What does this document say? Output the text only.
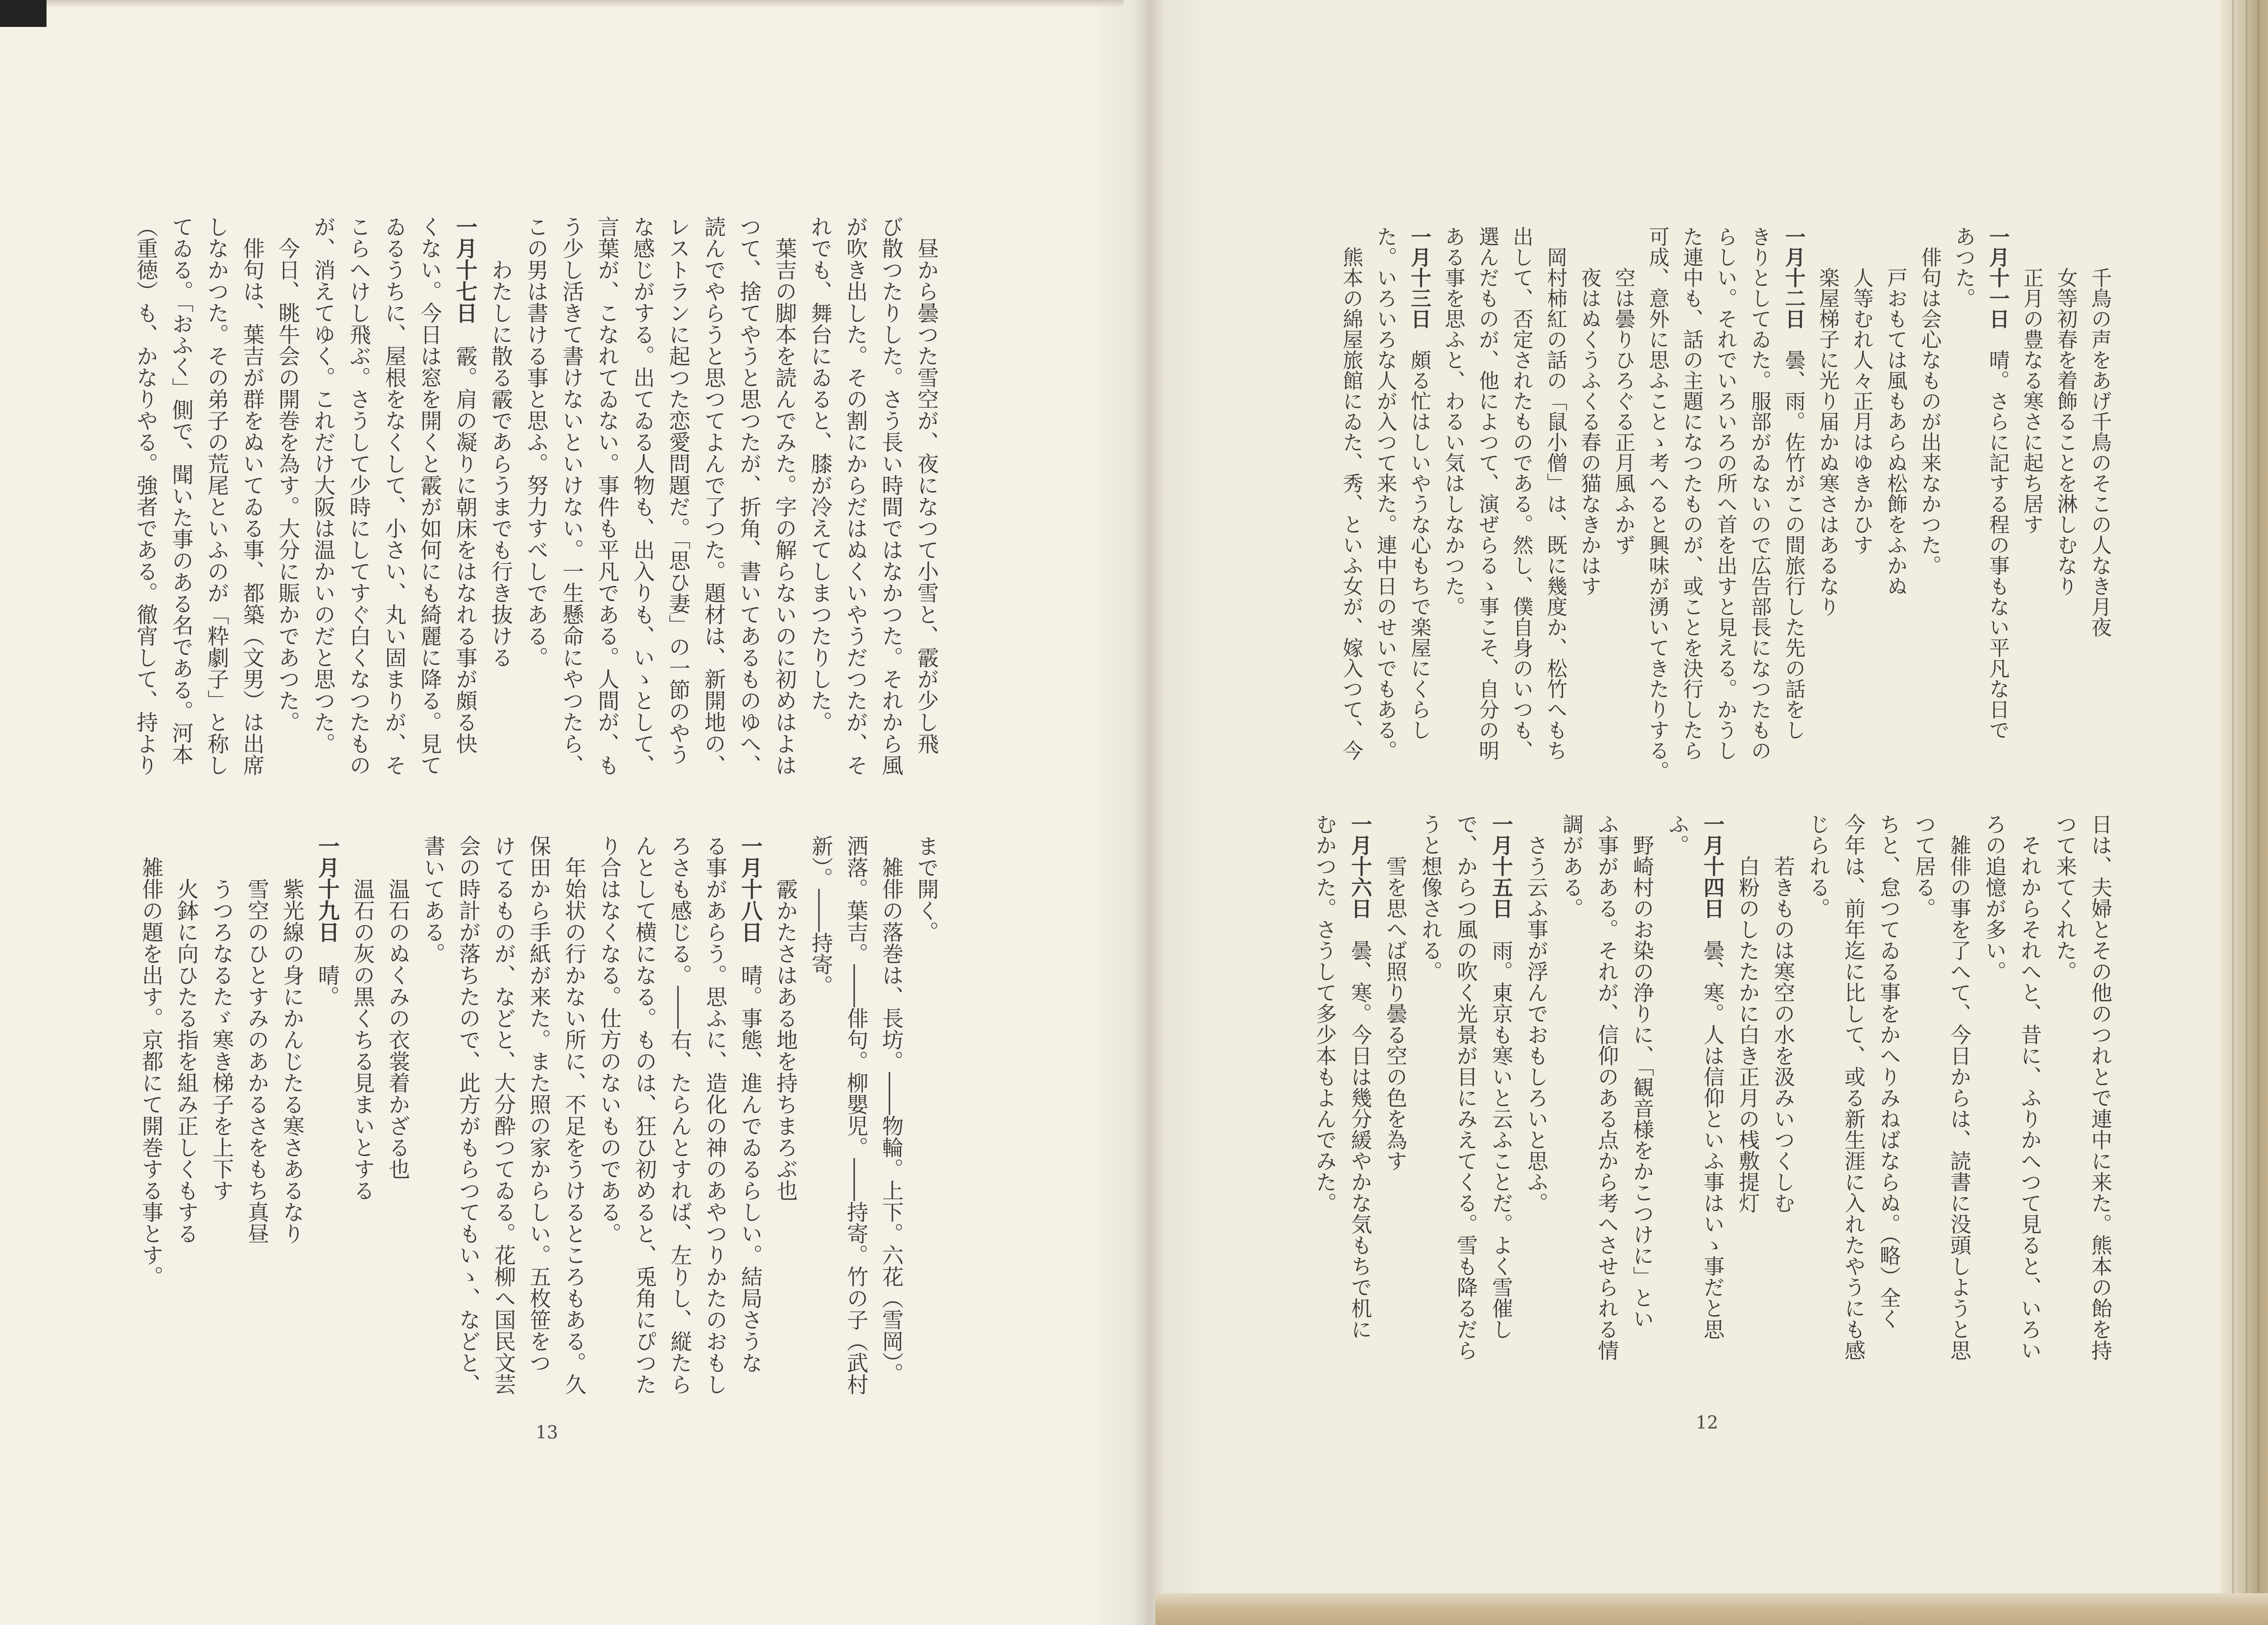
昼から曇つた雪空が、夜になつて小雪と、霰が少し飛
び散つたりした。さう長い時間ではなかつた。それから風
が吹き出した。その割にからだはぬくいやうだつたが、そ
れでも、舞台にゐると、膝が冷えてしまつたりした。
葉吉の脚本を読んでみた。字の解らないのに初めはよは
つて、捨てやうと思つたが、折角、書いてあるものゆへ、
読んでやらうと思つてよんで了つた。題材は、新開地の、
レストランに起つた恋愛問題だ。「思ひ妻」の一節のやう
な感じがする。出てゐる人物も、出入りも、いゝとして、
言葉が、こなれてゐない。事件も平凡である。人間が、も
う少し活きて書けないといけない。一生懸命にやつたら、
この男は書ける事と思ふ。努力すべしである。
わたしに散る霰であらうまでも行き抜ける
一月十七日霰。肩の凝りに朝床をはなれる事が頗る快
くない。今日は窓を開くと霰が如何にも綺麗に降る。見て
ゐるうちに、屋根をなくして、小さい、丸い固まりが、そ
こらへけし飛ぶ。さうして少時にしてすぐ白くなつたもの
が、消えてゆく。これだけ大阪は温かいのだと思つた。
今日、眺牛会の開巻を為す。大分に賑かであつた。
俳句は、葉吉が群をぬいてゐる事、都築（文男）は出席
しなかつた。その弟子の荒尾といふのが「粋劇子」と称し
てゐる。「おふく」側で、聞いた事のある名である。河本
（重徳）も、かなりやる。強者である。徹宵して、持より
まで開く。
雑俳の落巻は、長坊。――物輪。上下。六花（雪岡）。
洒落。葉吉。――俳句。柳嬰児。――持寄。竹の子（武村
新）。――持寄。
霰かたさはある地を持ちまろぶ也
一月十八日晴。事態、進んでゐるらしい。結局さうな
る事があらう。思ふに、造化の神のあやつりかたのおもし
ろさも感じる。――右、たらんとすれば、左りし、縦たら
んとして横になる。ものは、狂ひ初めると、兎角にぴつた
り合はなくなる。仕方のないものである。
年始状の行かない所に、不足をうけるところもある。久
保田から手紙が来た。また照の家からしい。五枚笹をつ
けてるものが、などと、大分酔つてゐる。花柳へ国民文芸
会の時計が落ちたので、此方がもらつてもいゝ、などと、
書いてある。
温石のぬくみの衣裳着かざる也
温石の灰の黒くちる見まいとする
一月十九日晴。
紫光線の身にかんじたる寒さあるなり
雪空のひとすみのあかるさをもち真昼
うつろなるたゞ寒き梯子を上下す
火鉢に向ひたる指を組み正しくもする
雑俳の題を出す。京都にて開巻する事とす。
13
千鳥の声をあげ千鳥のそこの人なき月夜
女等初春を着飾ることを淋しむなり
正月の豊なる寒さに起ち居す
一月十一日晴。さらに記する程の事もない平凡な日で
あつた。
俳句は会心なものが出来なかつた。
戸おもては風もあらぬ松飾をふかぬ
人等むれ人々正月はゆきかひす
楽屋梯子に光り届かぬ寒さはあるなり
一月十二日曇、雨。佐竹がこの間旅行した先の話をし
きりとしてゐた。服部がゐないので広告部長になつたもの
らしい。それでいろいろの所へ首を出すと見える。かうし
た連中も、話の主題になつたものが、或ことを決行したら
可成、意外に思ふことゝ考へると興味が湧いてきたりする。
空は曇りひろぐる正月風ふかず
夜はぬくうふくる春の猫なきかはす
岡村柿紅の話の「鼠小僧」は、既に幾度か、松竹へもち
出して、否定されたものである。然し、僕自身のいつも、
選んだものが、他によつて、演ぜらるゝ事こそ、自分の明
ある事を思ふと、わるい気はしなかつた。
一月十三日頗る忙はしいやうな心もちで楽屋にくらし
た。いろいろな人が入つて来た。連中日のせいでもある。
熊本の綿屋旅館にゐた、秀、といふ女が、嫁入つて、今
日は、夫婦とその他のつれとで連中に来た。熊本の飴を持
つて来てくれた。
それからそれへと、昔に、ふりかへつて見ると、いろい
ろの追憶が多い。
雑俳の事を了へて、今日からは、読書に没頭しようと思
つて居る。
ちと、怠つてゐる事をかへりみねばならぬ。（略）全く
今年は、前年迄に比して、或る新生涯に入れたやうにも感
じられる。
若きものは寒空の水を汲みいつくしむ
白粉のしたたかに白き正月の桟敷提灯
一月十四日曇、寒。人は信仰といふ事はいゝ事だと思
ふ。
野崎村のお染の浄りに、「観音様をかこつけに」とい
ふ事がある。それが、信仰のある点から考へさせられる情
調がある。
さう云ふ事が浮んでおもしろいと思ふ。
一月十五日雨。東京も寒いと云ふことだ。よく雪催し
で、からつ風の吹く光景が目にみえてくる。雪も降るだら
うと想像される。
雪を思へば照り曇る空の色を為す
一月十六日曇、寒。今日は幾分緩やかな気もちで机に
むかつた。さうして多少本もよんでみた。
12
